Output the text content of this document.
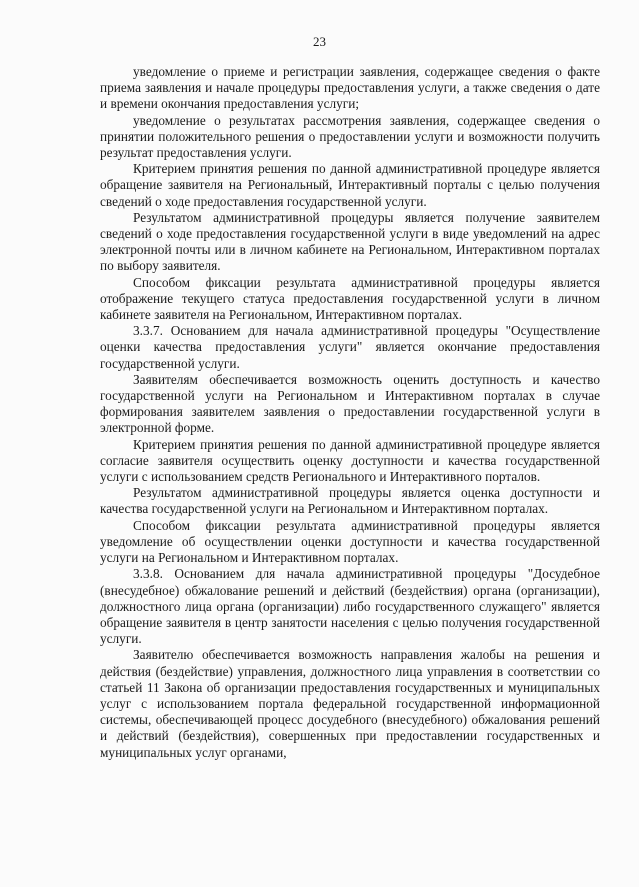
23

уведомление о приеме и регистрации заявления, содержащее сведения о факте приема заявления и начале процедуры предоставления услуги, а также сведения о дате и времени окончания предоставления услуги;

уведомление о результатах рассмотрения заявления, содержащее сведения о принятии положительного решения о предоставлении услуги и возможности получить результат предоставления услуги.

Критерием принятия решения по данной административной процедуре является обращение заявителя на Региональный, Интерактивный порталы с целью получения сведений о ходе предоставления государственной услуги.

Результатом административной процедуры является получение заявителем сведений о ходе предоставления государственной услуги в виде уведомлений на адрес электронной почты или в личном кабинете на Региональном, Интерактивном порталах по выбору заявителя.

Способом фиксации результата административной процедуры является отображение текущего статуса предоставления государственной услуги в личном кабинете заявителя на Региональном, Интерактивном порталах.

3.3.7. Основанием для начала административной процедуры "Осуществление оценки качества предоставления услуги" является окончание предоставления государственной услуги.

Заявителям обеспечивается возможность оценить доступность и качество государственной услуги на Региональном и Интерактивном порталах в случае формирования заявителем заявления о предоставлении государственной услуги в электронной форме.

Критерием принятия решения по данной административной процедуре является согласие заявителя осуществить оценку доступности и качества государственной услуги с использованием средств Регионального и Интерактивного порталов.

Результатом административной процедуры является оценка доступности и качества государственной услуги на Региональном и Интерактивном порталах.

Способом фиксации результата административной процедуры является уведомление об осуществлении оценки доступности и качества государственной услуги на Региональном и Интерактивном порталах.

3.3.8. Основанием для начала административной процедуры "Досудебное (внесудебное) обжалование решений и действий (бездействия) органа (организации), должностного лица органа (организации) либо государственного служащего" является обращение заявителя в центр занятости населения с целью получения государственной услуги.

Заявителю обеспечивается возможность направления жалобы на решения и действия (бездействие) управления, должностного лица управления в соответствии со статьей 11 Закона об организации предоставления государственных и муниципальных услуг с использованием портала федеральной государственной информационной системы, обеспечивающей процесс досудебного (внесудебного) обжалования решений и действий (бездействия), совершенных при предоставлении государственных и муниципальных услуг органами,
